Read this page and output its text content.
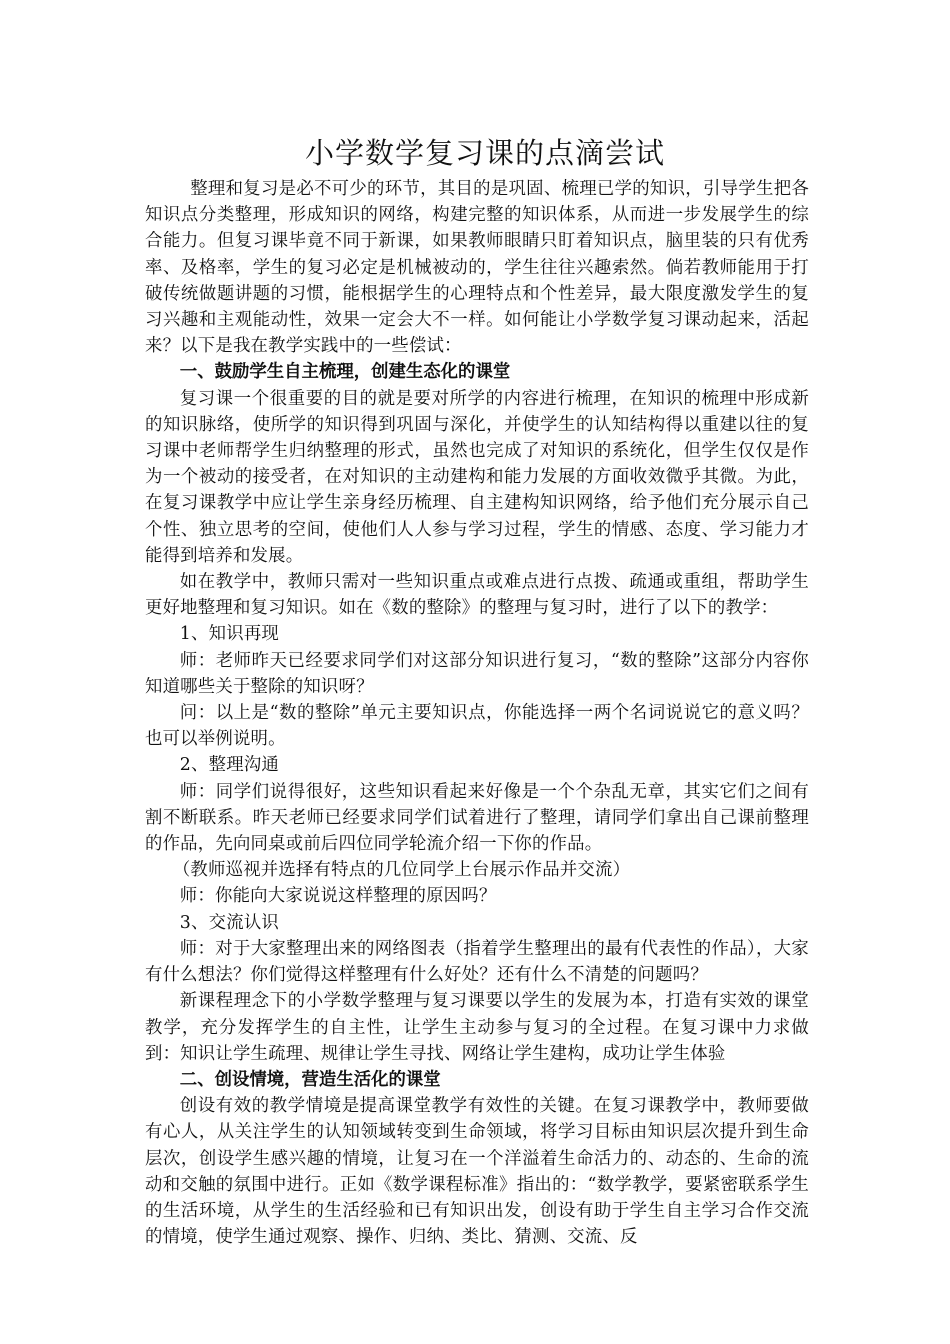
小学数学复习课的点滴尝试

整理和复习是必不可少的环节，其目的是巩固、梳理已学的知识，引导学生把各知识点分类整理，形成知识的网络，构建完整的知识体系，从而进一步发展学生的综合能力。但复习课毕竟不同于新课，如果教师眼睛只盯着知识点，脑里装的只有优秀率、及格率，学生的复习必定是机械被动的，学生往往兴趣索然。倘若教师能用于打破传统做题讲题的习惯，能根据学生的心理特点和个性差异，最大限度激发学生的复习兴趣和主观能动性，效果一定会大不一样。如何能让小学数学复习课动起来，活起来？以下是我在教学实践中的一些偿试：

一、鼓励学生自主梳理，创建生态化的课堂

复习课一个很重要的目的就是要对所学的内容进行梳理，在知识的梳理中形成新的知识脉络，使所学的知识得到巩固与深化，并使学生的认知结构得以重建以往的复习课中老师帮学生归纳整理的形式，虽然也完成了对知识的系统化，但学生仅仅是作为一个被动的接受者，在对知识的主动建构和能力发展的方面收效微乎其微。为此，在复习课教学中应让学生亲身经历梳理、自主建构知识网络，给予他们充分展示自己个性、独立思考的空间，使他们人人参与学习过程，学生的情感、态度、学习能力才能得到培养和发展。

如在教学中，教师只需对一些知识重点或难点进行点拨、疏通或重组，帮助学生更好地整理和复习知识。如在《数的整除》的整理与复习时，进行了以下的教学：

1、知识再现

师：老师昨天已经要求同学们对这部分知识进行复习，“数的整除”这部分内容你知道哪些关于整除的知识呀？

问：以上是“数的整除”单元主要知识点，你能选择一两个名词说说它的意义吗？也可以举例说明。

2、整理沟通

师：同学们说得很好，这些知识看起来好像是一个个杂乱无章，其实它们之间有割不断联系。昨天老师已经要求同学们试着进行了整理，请同学们拿出自己课前整理的作品，先向同桌或前后四位同学轮流介绍一下你的作品。

（教师巡视并选择有特点的几位同学上台展示作品并交流）

师：你能向大家说说这样整理的原因吗？

3、交流认识

师：对于大家整理出来的网络图表（指着学生整理出的最有代表性的作品），大家有什么想法？你们觉得这样整理有什么好处？还有什么不清楚的问题吗？

新课程理念下的小学数学整理与复习课要以学生的发展为本，打造有实效的课堂教学，充分发挥学生的自主性，让学生主动参与复习的全过程。在复习课中力求做到：知识让学生疏理、规律让学生寻找、网络让学生建构，成功让学生体验

二、创设情境，营造生活化的课堂

创设有效的教学情境是提高课堂教学有效性的关键。在复习课教学中，教师要做有心人，从关注学生的认知领域转变到生命领域，将学习目标由知识层次提升到生命层次，创设学生感兴趣的情境，让复习在一个洋溢着生命活力的、动态的、生命的流动和交触的氛围中进行。正如《数学课程标准》指出的：“数学教学，要紧密联系学生的生活环境，从学生的生活经验和已有知识出发，创设有助于学生自主学习合作交流的情境，使学生通过观察、操作、归纳、类比、猜测、交流、反
